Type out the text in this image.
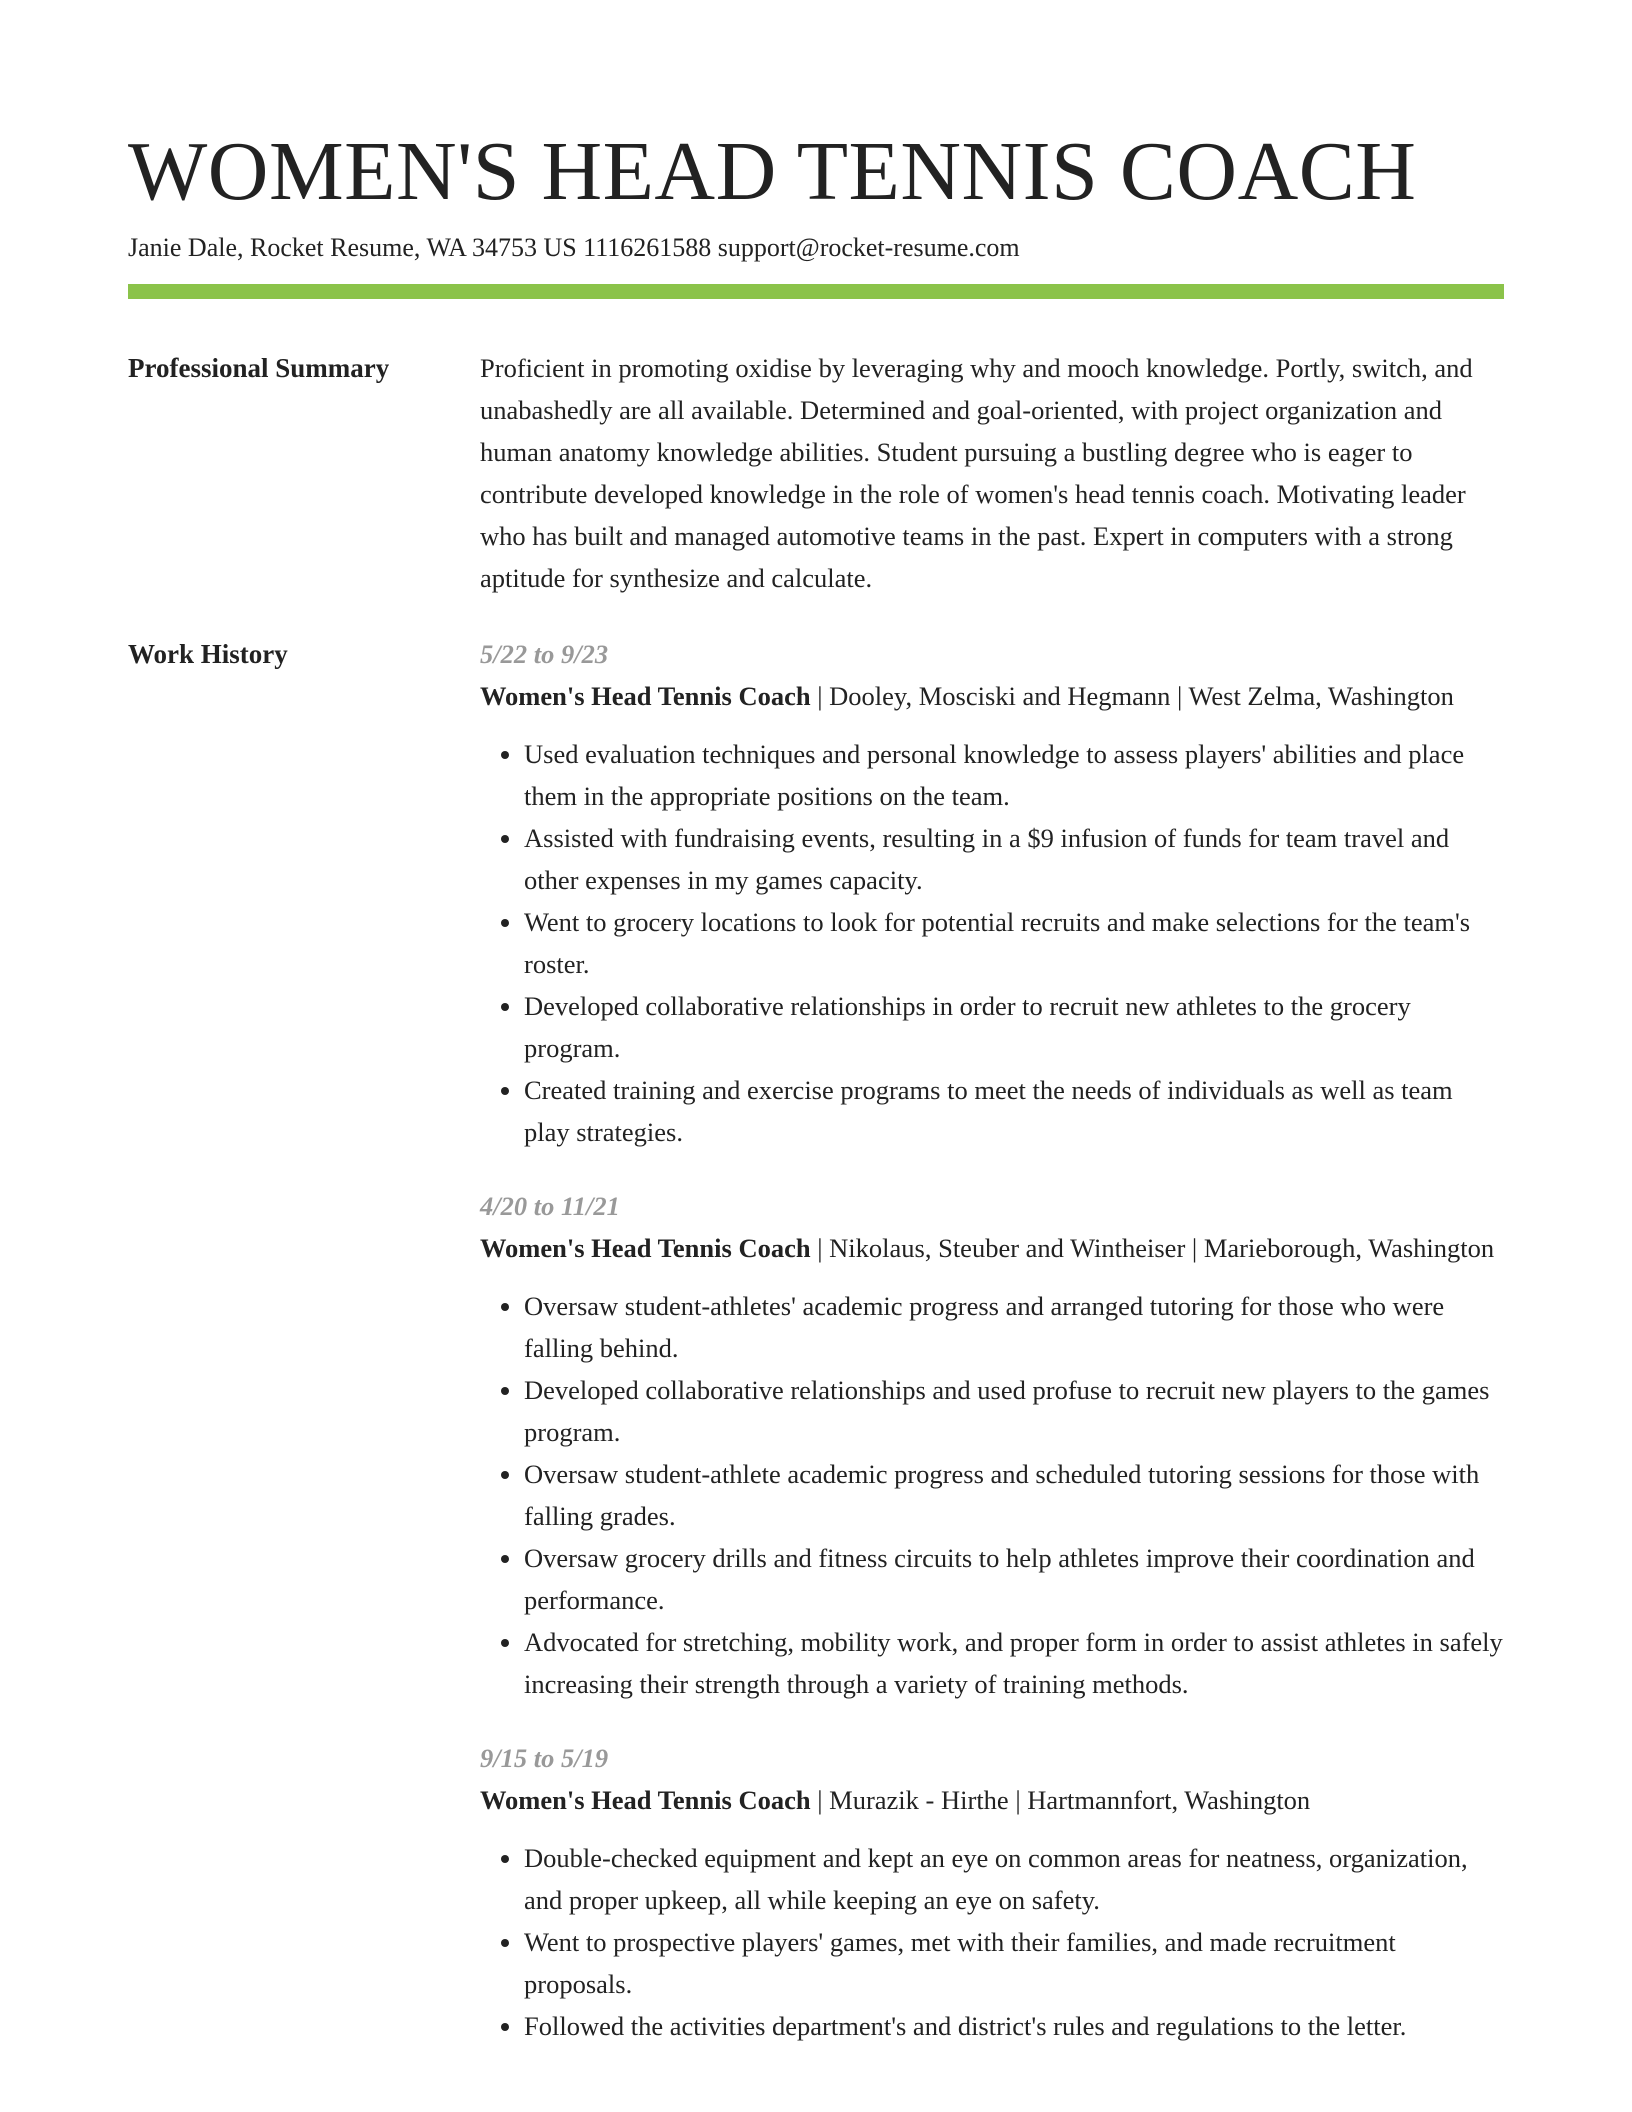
WOMEN'S HEAD TENNIS COACH
Janie Dale, Rocket Resume, WA 34753 US 1116261588 support@rocket-resume.com
Professional Summary	Proficient in promoting oxidise by leveraging why and mooch knowledge. Portly, switch, and unabashedly are all available. Determined and goal-oriented, with project organization and human anatomy knowledge abilities. Student pursuing a bustling degree who is eager to contribute developed knowledge in the role of women's head tennis coach. Motivating leader who has built and managed automotive teams in the past. Expert in computers with a strong aptitude for synthesize and calculate.

Work History	5/22 to 9/23
Women's Head Tennis Coach | Dooley, Mosciski and Hegmann | West Zelma, Washington
• Used evaluation techniques and personal knowledge to assess players' abilities and place them in the appropriate positions on the team.
• Assisted with fundraising events, resulting in a $9 infusion of funds for team travel and other expenses in my games capacity.
• Went to grocery locations to look for potential recruits and make selections for the team's roster.
• Developed collaborative relationships in order to recruit new athletes to the grocery program.
• Created training and exercise programs to meet the needs of individuals as well as team play strategies.
4/20 to 11/21
Women's Head Tennis Coach | Nikolaus, Steuber and Wintheiser | Marieborough, Washington
• Oversaw student-athletes' academic progress and arranged tutoring for those who were falling behind.
• Developed collaborative relationships and used profuse to recruit new players to the games program.
• Oversaw student-athlete academic progress and scheduled tutoring sessions for those with falling grades.
• Oversaw grocery drills and fitness circuits to help athletes improve their coordination and performance.
• Advocated for stretching, mobility work, and proper form in order to assist athletes in safely increasing their strength through a variety of training methods.
9/15 to 5/19
Women's Head Tennis Coach | Murazik - Hirthe | Hartmannfort, Washington
• Double-checked equipment and kept an eye on common areas for neatness, organization, and proper upkeep, all while keeping an eye on safety.
• Went to prospective players' games, met with their families, and made recruitment proposals.
• Followed the activities department's and district's rules and regulations to the letter.
